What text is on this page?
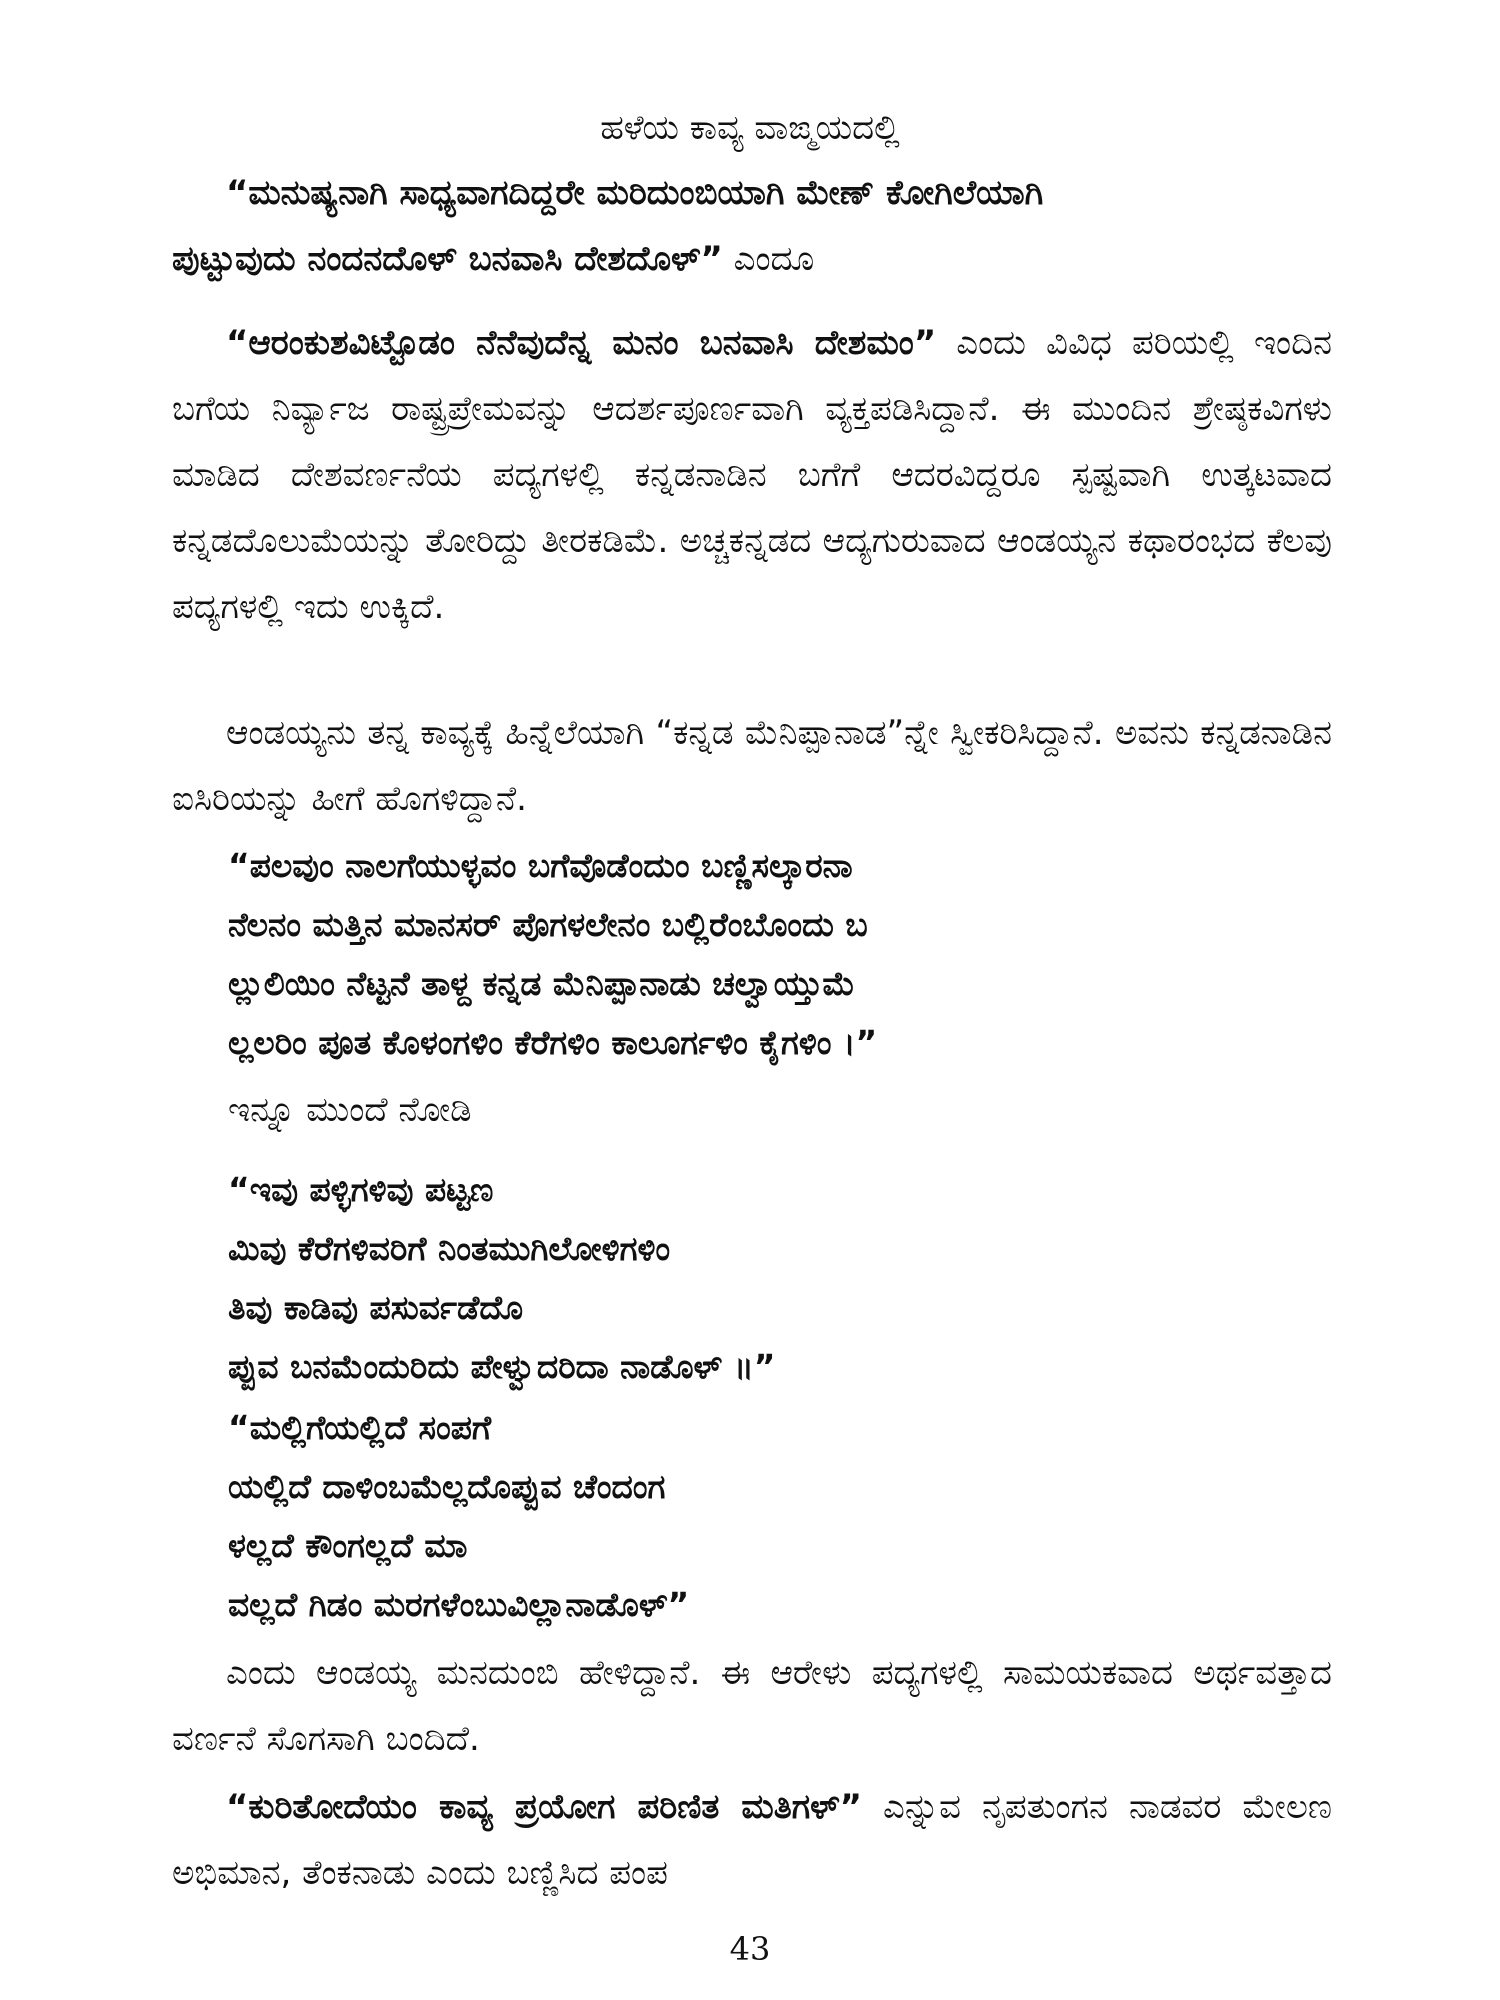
ಹಳೆಯ ಕಾವ್ಯ ವಾಙ್ಮಯದಲ್ಲಿ
“ಮನುಷ್ಯನಾಗಿ ಸಾಧ್ಯವಾಗದಿದ್ದರೇ ಮರಿದುಂಬಿಯಾಗಿ ಮೇಣ್ ಕೋಗಿಲೆಯಾಗಿ
ಪುಟ್ಟುವುದು ನಂದನದೊಳ್ ಬನವಾಸಿ ದೇಶದೊಳ್” ಎಂದೂ
“ಆರಂಕುಶವಿಟ್ಟೊಡಂ ನೆನೆವುದೆನ್ನ ಮನಂ ಬನವಾಸಿ ದೇಶಮಂ” ಎಂದು ವಿವಿಧ ಪರಿಯಲ್ಲಿ ಇಂದಿನ ಬಗೆಯ ನಿರ್ವ್ಯಾಜ ರಾಷ್ಟ್ರಪ್ರೇಮವನ್ನು ಆದರ್ಶಪೂರ್ಣವಾಗಿ ವ್ಯಕ್ತಪಡಿಸಿದ್ದಾನೆ. ಈ ಮುಂದಿನ ಶ್ರೇಷ್ಠಕವಿಗಳು ಮಾಡಿದ ದೇಶವರ್ಣನೆಯ ಪದ್ಯಗಳಲ್ಲಿ ಕನ್ನಡನಾಡಿನ ಬಗೆಗೆ ಆದರವಿದ್ದರೂ ಸ್ಪಷ್ಟವಾಗಿ ಉತ್ಕಟವಾದ ಕನ್ನಡದೊಲುಮೆಯನ್ನು ತೋರಿದ್ದು ತೀರಕಡಿಮೆ. ಅಚ್ಚಕನ್ನಡದ ಆದ್ಯಗುರುವಾದ ಆಂಡಯ್ಯನ ಕಥಾರಂಭದ ಕೆಲವು ಪದ್ಯಗಳಲ್ಲಿ ಇದು ಉಕ್ಕಿದೆ.
ಆಂಡಯ್ಯನು ತನ್ನ ಕಾವ್ಯಕ್ಕೆ ಹಿನ್ನೆಲೆಯಾಗಿ “ಕನ್ನಡ ಮೆನಿಪ್ಪಾನಾಡ”ನ್ನೇ ಸ್ವೀಕರಿಸಿದ್ದಾನೆ. ಅವನು ಕನ್ನಡನಾಡಿನ ಐಸಿರಿಯನ್ನು ಹೀಗೆ ಹೊಗಳಿದ್ದಾನೆ.
“ಪಲವುಂ ನಾಲಗೆಯುಳ್ಳವಂ ಬಗೆವೊಡೆಂದುಂ ಬಣ್ಣಿಸಲ್ಕಾರನಾ
ನೆಲನಂ ಮತ್ತಿನ ಮಾನಸರ್ ಪೊಗಳಲೇನಂ ಬಲ್ಲಿರೆಂಬೊಂದು ಬ
ಲ್ಲುಲಿಯಿಂ ನೆಟ್ಟನೆ ತಾಳ್ದ ಕನ್ನಡ ಮೆನಿಪ್ಪಾನಾಡು ಚಲ್ವಾಯ್ತುಮೆ
ಲ್ಲಲರಿಂ ಪೂತ ಕೊಳಂಗಳಿಂ ಕೆರೆಗಳಿಂ ಕಾಲೂರ್ಗಳಿಂ ಕೈಗಳಿಂ ।”
ಇನ್ನೂ ಮುಂದೆ ನೋಡಿ
“ಇವು ಪಳ್ಳಿಗಳಿವು ಪಟ್ಟಣ
ಮಿವು ಕೆರೆಗಳಿವರಿಗೆ ನಿಂತಮುಗಿಲೋಳಿಗಳಿಂ
ತಿವು ಕಾಡಿವು ಪಸುರ್ವಡೆದೊ
ಪ್ಪುವ ಬನಮೆಂದುರಿದು ಪೇಳ್ವುದರಿದಾ ನಾಡೊಳ್ ॥”
“ಮಲ್ಲಿಗೆಯಲ್ಲಿದೆ ಸಂಪಗೆ
ಯಲ್ಲಿದೆ ದಾಳಿಂಬಮೆಲ್ಲದೊಪ್ಪುವ ಚೆಂದಂಗ
ಳಲ್ಲದೆ ಕೌಂಗಲ್ಲದೆ ಮಾ
ವಲ್ಲದೆ ಗಿಡಂ ಮರಗಳೆಂಬುವಿಲ್ಲಾನಾಡೊಳ್”
ಎಂದು ಆಂಡಯ್ಯ ಮನದುಂಬಿ ಹೇಳಿದ್ದಾನೆ. ಈ ಆರೇಳು ಪದ್ಯಗಳಲ್ಲಿ ಸಾಮಯಕವಾದ ಅರ್ಥವತ್ತಾದ ವರ್ಣನೆ ಸೊಗಸಾಗಿ ಬಂದಿದೆ.
“ಕುರಿತೋದೆಯಂ ಕಾವ್ಯ ಪ್ರಯೋಗ ಪರಿಣಿತ ಮತಿಗಳ್” ಎನ್ನುವ ನೃಪತುಂಗನ ನಾಡವರ ಮೇಲಣ ಅಭಿಮಾನ, ತೆಂಕನಾಡು ಎಂದು ಬಣ್ಣಿಸಿದ ಪಂಪ
43
